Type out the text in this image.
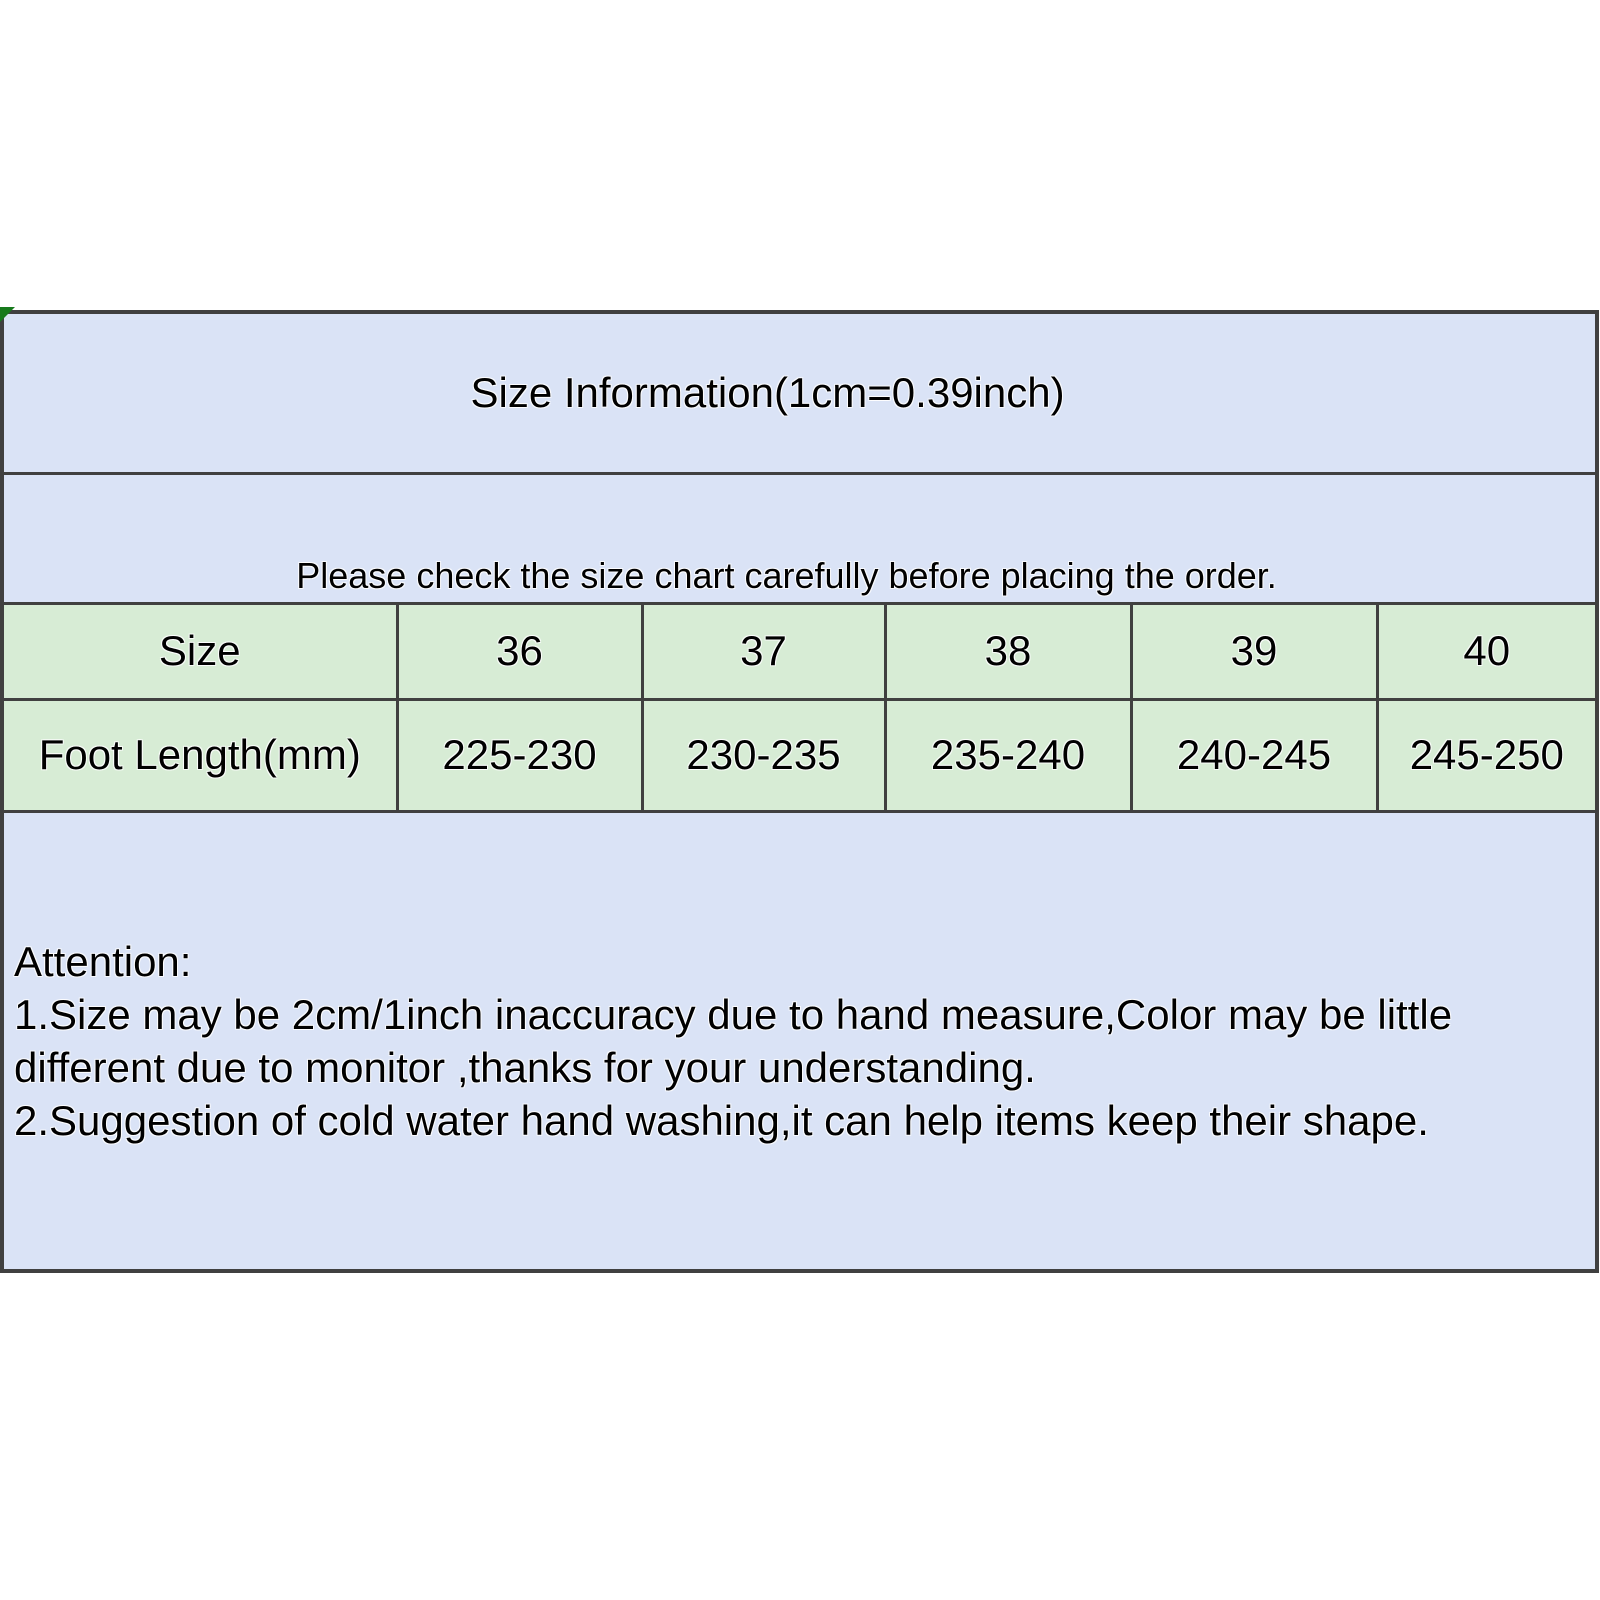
Size Information(1cm=0.39inch)					
Please check the size chart carefully before placing the order.					
Size	36	37	38	39	40
Foot Length(mm)	225-230	230-235	235-240	240-245	245-250

Attention:
1.Size may be 2cm/1inch inaccuracy due to hand measure,Color may be little
different due to monitor ,thanks for your understanding.
2.Suggestion of cold water hand washing,it can help items keep their shape.					
